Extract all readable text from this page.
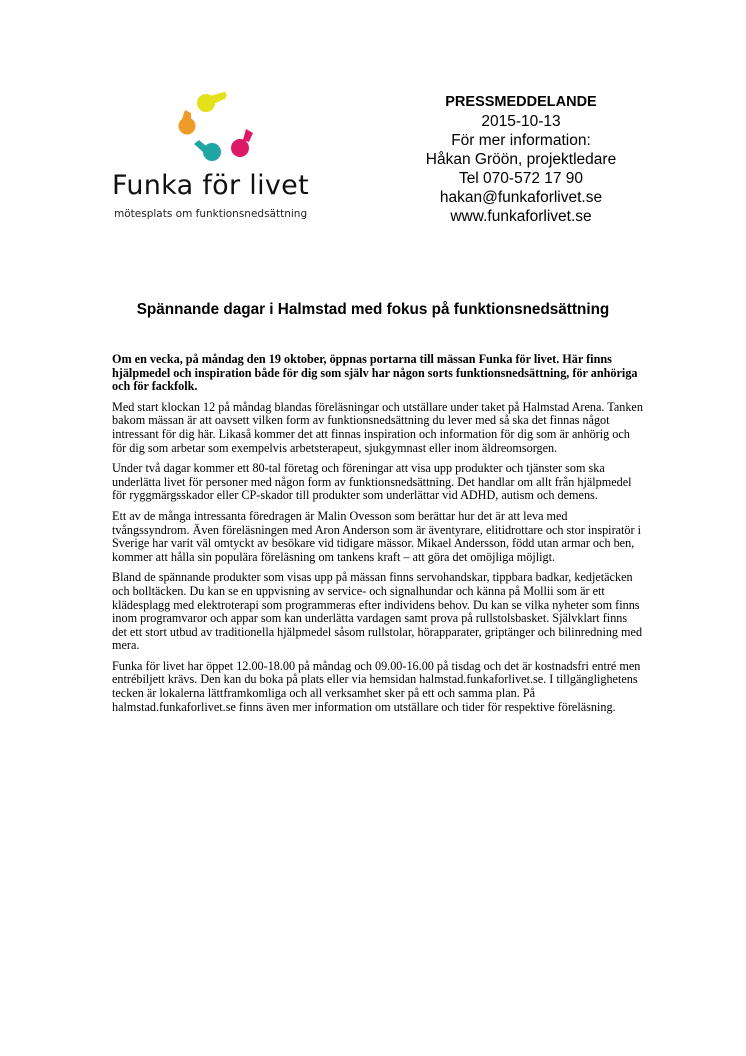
Funka för livet
mötesplats om funktionsnedsättning
PRESSMEDDELANDE
2015-10-13
För mer information:
Håkan Gröön, projektledare
Tel 070-572 17 90
hakan@funkaforlivet.se
www.funkaforlivet.se
Spännande dagar i Halmstad med fokus på funktionsnedsättning

Om en vecka, på måndag den 19 oktober, öppnas portarna till mässan Funka för livet. Här finns hjälpmedel och inspiration både för dig som själv har någon sorts funktionsnedsättning, för anhöriga och för fackfolk.

Med start klockan 12 på måndag blandas föreläsningar och utställare under taket på Halmstad Arena. Tanken bakom mässan är att oavsett vilken form av funktionsnedsättning du lever med så ska det finnas något intressant för dig här. Likaså kommer det att finnas inspiration och information för dig som är anhörig och för dig som arbetar som exempelvis arbetsterapeut, sjukgymnast eller inom äldreomsorgen.

Under två dagar kommer ett 80-tal företag och föreningar att visa upp produkter och tjänster som ska underlätta livet för personer med någon form av funktionsnedsättning. Det handlar om allt från hjälpmedel för ryggmärgsskador eller CP-skador till produkter som underlättar vid ADHD, autism och demens.

Ett av de många intressanta föredragen är Malin Ovesson som berättar hur det är att leva med tvångssyndrom. Även föreläsningen med Aron Anderson som är äventyrare, elitidrottare och stor inspiratör i Sverige har varit väl omtyckt av besökare vid tidigare mässor. Mikael Andersson, född utan armar och ben, kommer att hålla sin populära föreläsning om tankens kraft – att göra det omöjliga möjligt.

Bland de spännande produkter som visas upp på mässan finns servohandskar, tippbara badkar, kedjetäcken och bolltäcken. Du kan se en uppvisning av service- och signalhundar och känna på Mollii som är ett klädesplagg med elektroterapi som programmeras efter individens behov. Du kan se vilka nyheter som finns inom programvaror och appar som kan underlätta vardagen samt prova på rullstolsbasket. Självklart finns det ett stort utbud av traditionella hjälpmedel såsom rullstolar, hörapparater, griptänger och bilinredning med mera.

Funka för livet har öppet 12.00-18.00 på måndag och 09.00-16.00 på tisdag och det är kostnadsfri entré men entrébiljett krävs. Den kan du boka på plats eller via hemsidan halmstad.funkaforlivet.se. I tillgänglighetens tecken är lokalerna lättframkomliga och all verksamhet sker på ett och samma plan. På halmstad.funkaforlivet.se finns även mer information om utställare och tider för respektive föreläsning.
